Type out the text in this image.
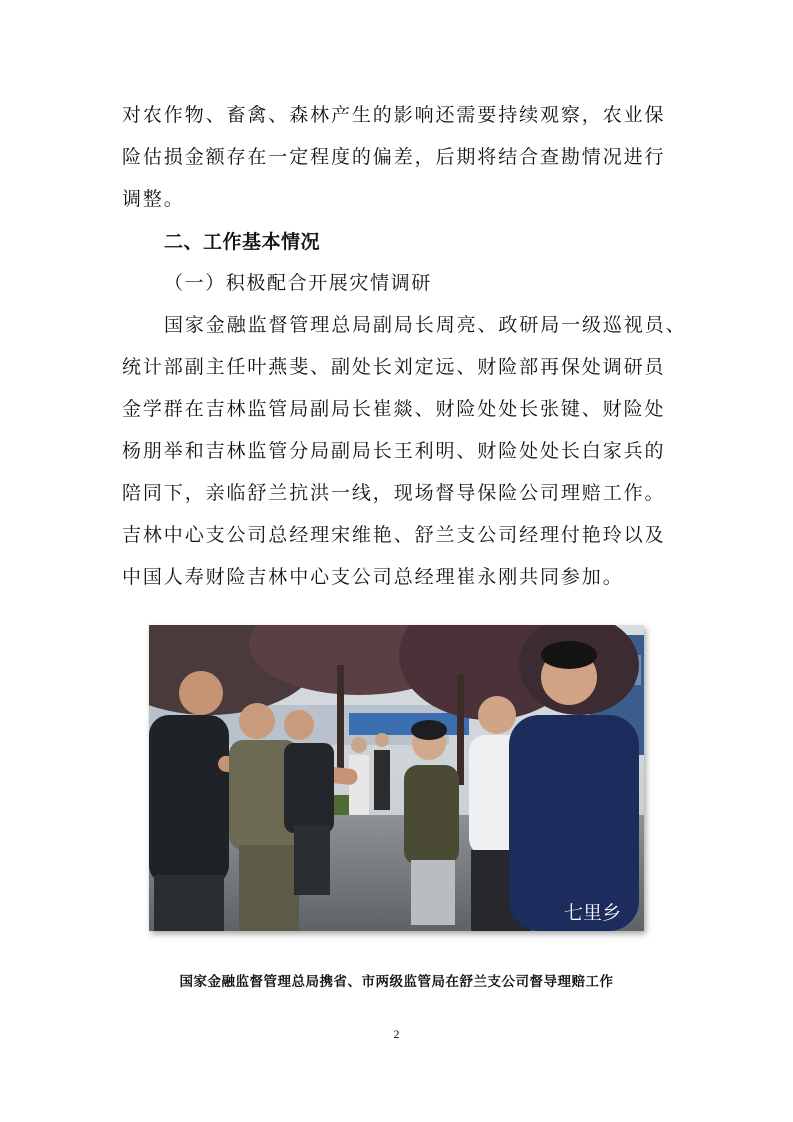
对农作物、畜禽、森林产生的影响还需要持续观察，农业保
险估损金额存在一定程度的偏差，后期将结合查勘情况进行
调整。
二、工作基本情况
（一）积极配合开展灾情调研
国家金融监督管理总局副局长周亮、政研局一级巡视员、
统计部副主任叶燕斐、副处长刘定远、财险部再保处调研员
金学群在吉林监管局副局长崔燚、财险处处长张键、财险处
杨朋举和吉林监管分局副局长王利明、财险处处长白家兵的
陪同下，亲临舒兰抗洪一线，现场督导保险公司理赔工作。
吉林中心支公司总经理宋维艳、舒兰支公司经理付艳玲以及
中国人寿财险吉林中心支公司总经理崔永刚共同参加。
七里乡
国家金融监督管理总局携省、市两级监管局在舒兰支公司督导理赔工作
2
